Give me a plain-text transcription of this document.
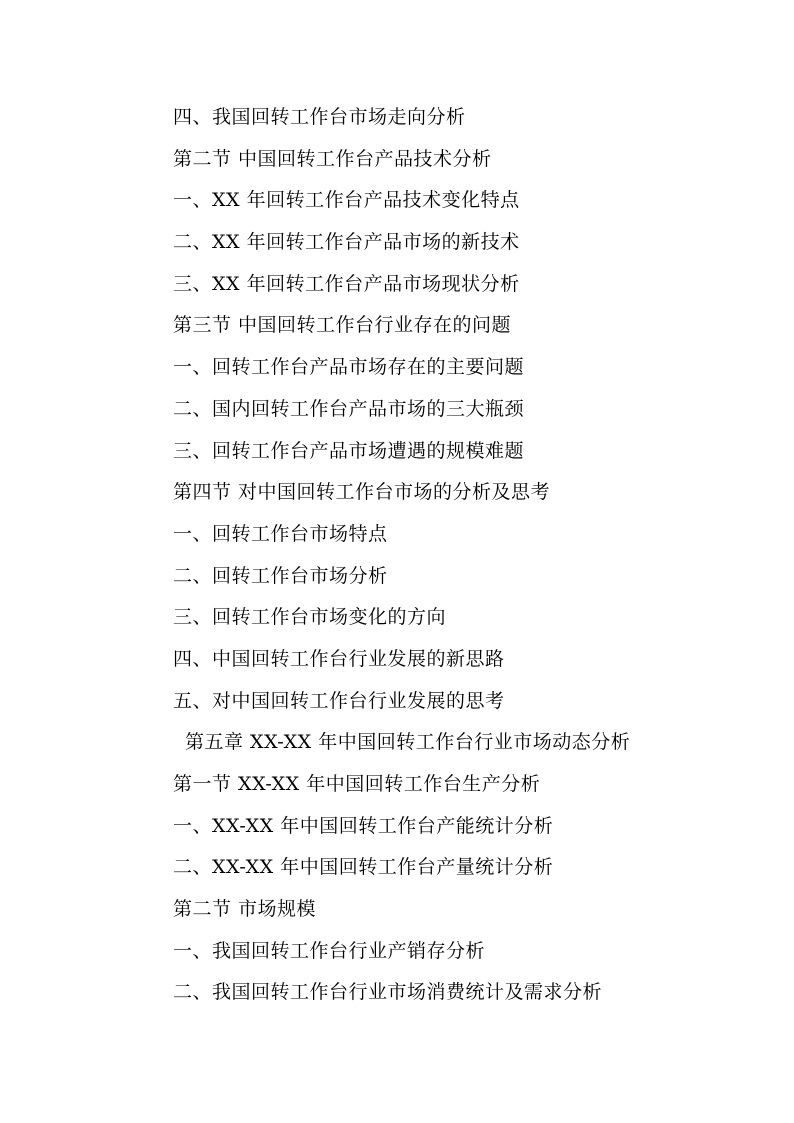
四、我国回转工作台市场走向分析
第二节 中国回转工作台产品技术分析
一、XX 年回转工作台产品技术变化特点
二、XX 年回转工作台产品市场的新技术
三、XX 年回转工作台产品市场现状分析
第三节 中国回转工作台行业存在的问题
一、回转工作台产品市场存在的主要问题
二、国内回转工作台产品市场的三大瓶颈
三、回转工作台产品市场遭遇的规模难题
第四节 对中国回转工作台市场的分析及思考
一、回转工作台市场特点
二、回转工作台市场分析
三、回转工作台市场变化的方向
四、中国回转工作台行业发展的新思路
五、对中国回转工作台行业发展的思考
第五章 XX-XX 年中国回转工作台行业市场动态分析
第一节 XX-XX 年中国回转工作台生产分析
一、XX-XX 年中国回转工作台产能统计分析
二、XX-XX 年中国回转工作台产量统计分析
第二节 市场规模
一、我国回转工作台行业产销存分析
二、我国回转工作台行业市场消费统计及需求分析
